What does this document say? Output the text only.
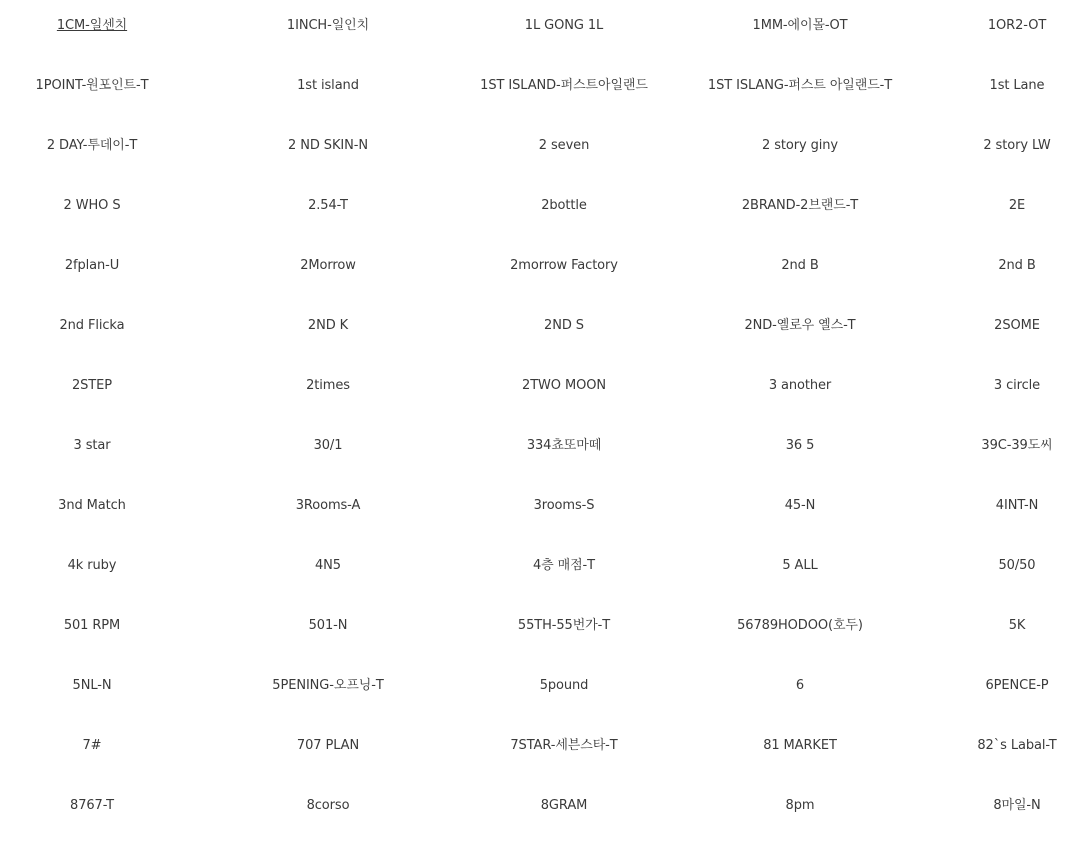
1CM-일센치	1INCH-일인치	1L GONG 1L	1MM-에이몰-OT	1OR2-OT
1POINT-원포인트-T	1st island	1ST ISLAND-퍼스트아일랜드	1ST ISLANG-퍼스트 아일랜드-T	1st Lane
2 DAY-투데이-T	2 ND SKIN-N	2 seven	2 story giny	2 story LW
2 WHO S	2.54-T	2bottle	2BRAND-2브랜드-T	2E
2fplan-U	2Morrow	2morrow Factory	2nd B	2nd B
2nd Flicka	2ND K	2ND S	2ND-옐로우 옐스-T	2SOME
2STEP	2times	2TWO MOON	3 another	3 circle
3 star	30/1	334쵸또마떼	36 5	39C-39도씨
3nd Match	3Rooms-A	3rooms-S	45-N	4INT-N
4k ruby	4N5	4층 매점-T	5 ALL	50/50
501 RPM	501-N	55TH-55번가-T	56789HODOO(호두)	5K
5NL-N	5PENING-오프닝-T	5pound	6	6PENCE-P
7#	707 PLAN	7STAR-세븐스타-T	81 MARKET	82`s Labal-T
8767-T	8corso	8GRAM	8pm	8마일-N
